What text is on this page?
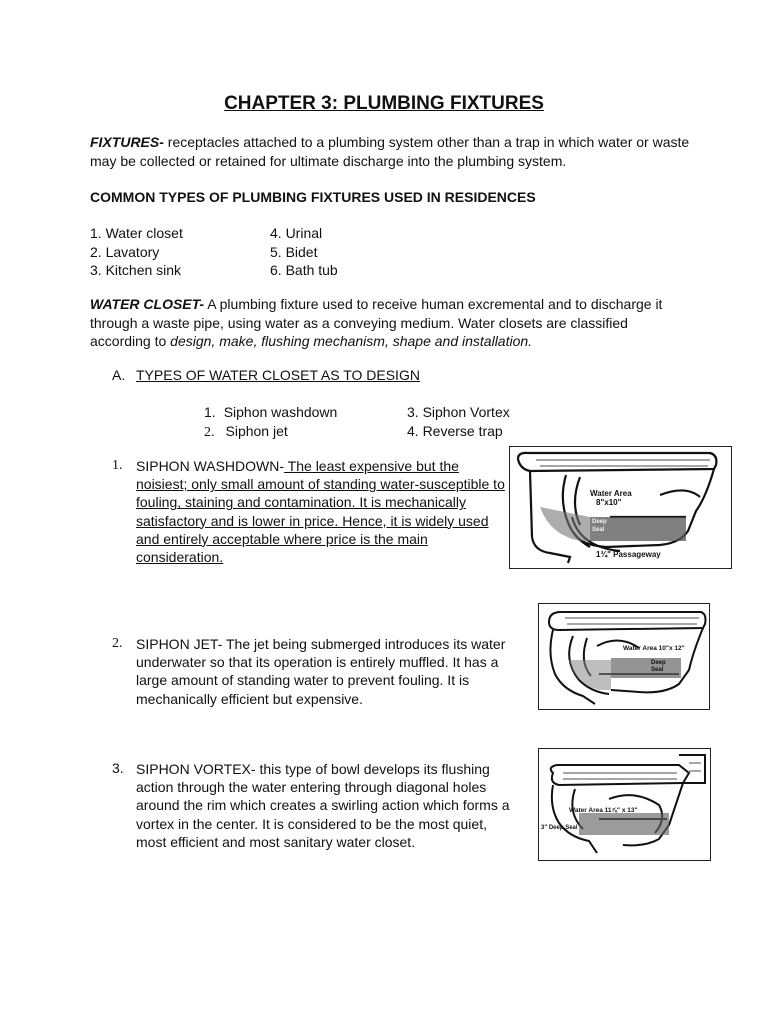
CHAPTER 3: PLUMBING FIXTURES
FIXTURES- receptacles attached to a plumbing system other than a trap in which water or waste may be collected or retained for ultimate discharge into the plumbing system.
COMMON TYPES OF PLUMBING FIXTURES USED IN RESIDENCES
1. Water closet
2. Lavatory
3. Kitchen sink
4. Urinal
5. Bidet
6. Bath tub
WATER CLOSET- A plumbing fixture used to receive human excremental and to discharge it through a waste pipe, using water as a conveying medium. Water closets are classified according to design, make, flushing mechanism, shape and installation.
A. TYPES OF WATER CLOSET AS TO DESIGN
1. Siphon washdown
2. Siphon jet
3. Siphon Vortex
4. Reverse trap
1. SIPHON WASHDOWN- The least expensive but the noisiest; only small amount of standing water-susceptible to fouling, staining and contamination. It is mechanically satisfactory and is lower in price. Hence, it is widely used and entirely acceptable where price is the main consideration.
2. SIPHON JET- The jet being submerged introduces its water underwater so that its operation is entirely muffled. It has a large amount of standing water to prevent fouling. It is mechanically efficient but expensive.
3. SIPHON VORTEX- this type of bowl develops its flushing action through the water entering through diagonal holes around the rim which creates a swirling action which forms a vortex in the center. It is considered to be the most quiet, most efficient and most sanitary water closet.
Water Area
8"x10"
Deep
Seal
1¾" Passageway
Water Area 10"x 12"
Deep
Seal
Water Area 11⅞" x 13"
3" Deep Seal
